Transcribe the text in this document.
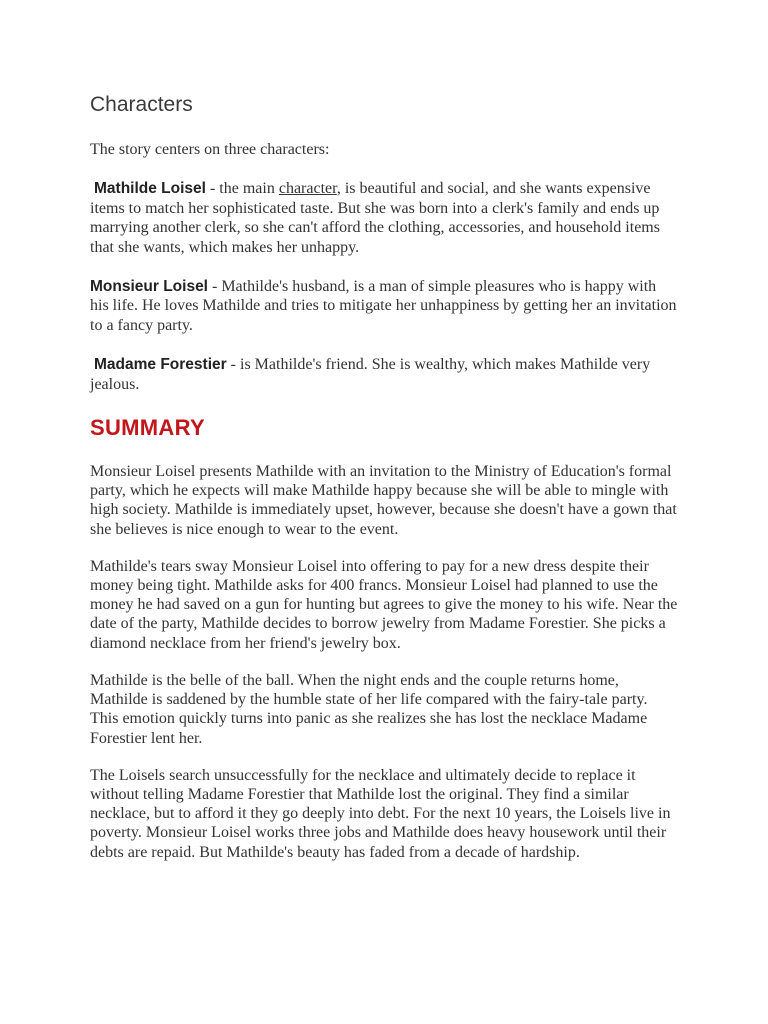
Characters

The story centers on three characters:

Mathilde Loisel - the main character, is beautiful and social, and she wants expensive items to match her sophisticated taste. But she was born into a clerk's family and ends up marrying another clerk, so she can't afford the clothing, accessories, and household items that she wants, which makes her unhappy.

Monsieur Loisel - Mathilde's husband, is a man of simple pleasures who is happy with his life. He loves Mathilde and tries to mitigate her unhappiness by getting her an invitation to a fancy party.

Madame Forestier - is Mathilde's friend. She is wealthy, which makes Mathilde very jealous.

SUMMARY

Monsieur Loisel presents Mathilde with an invitation to the Ministry of Education's formal party, which he expects will make Mathilde happy because she will be able to mingle with high society. Mathilde is immediately upset, however, because she doesn't have a gown that she believes is nice enough to wear to the event.

Mathilde's tears sway Monsieur Loisel into offering to pay for a new dress despite their money being tight. Mathilde asks for 400 francs. Monsieur Loisel had planned to use the money he had saved on a gun for hunting but agrees to give the money to his wife. Near the date of the party, Mathilde decides to borrow jewelry from Madame Forestier. She picks a diamond necklace from her friend's jewelry box.

Mathilde is the belle of the ball. When the night ends and the couple returns home, Mathilde is saddened by the humble state of her life compared with the fairy-tale party. This emotion quickly turns into panic as she realizes she has lost the necklace Madame Forestier lent her.

The Loisels search unsuccessfully for the necklace and ultimately decide to replace it without telling Madame Forestier that Mathilde lost the original. They find a similar necklace, but to afford it they go deeply into debt. For the next 10 years, the Loisels live in poverty. Monsieur Loisel works three jobs and Mathilde does heavy housework until their debts are repaid. But Mathilde's beauty has faded from a decade of hardship.
